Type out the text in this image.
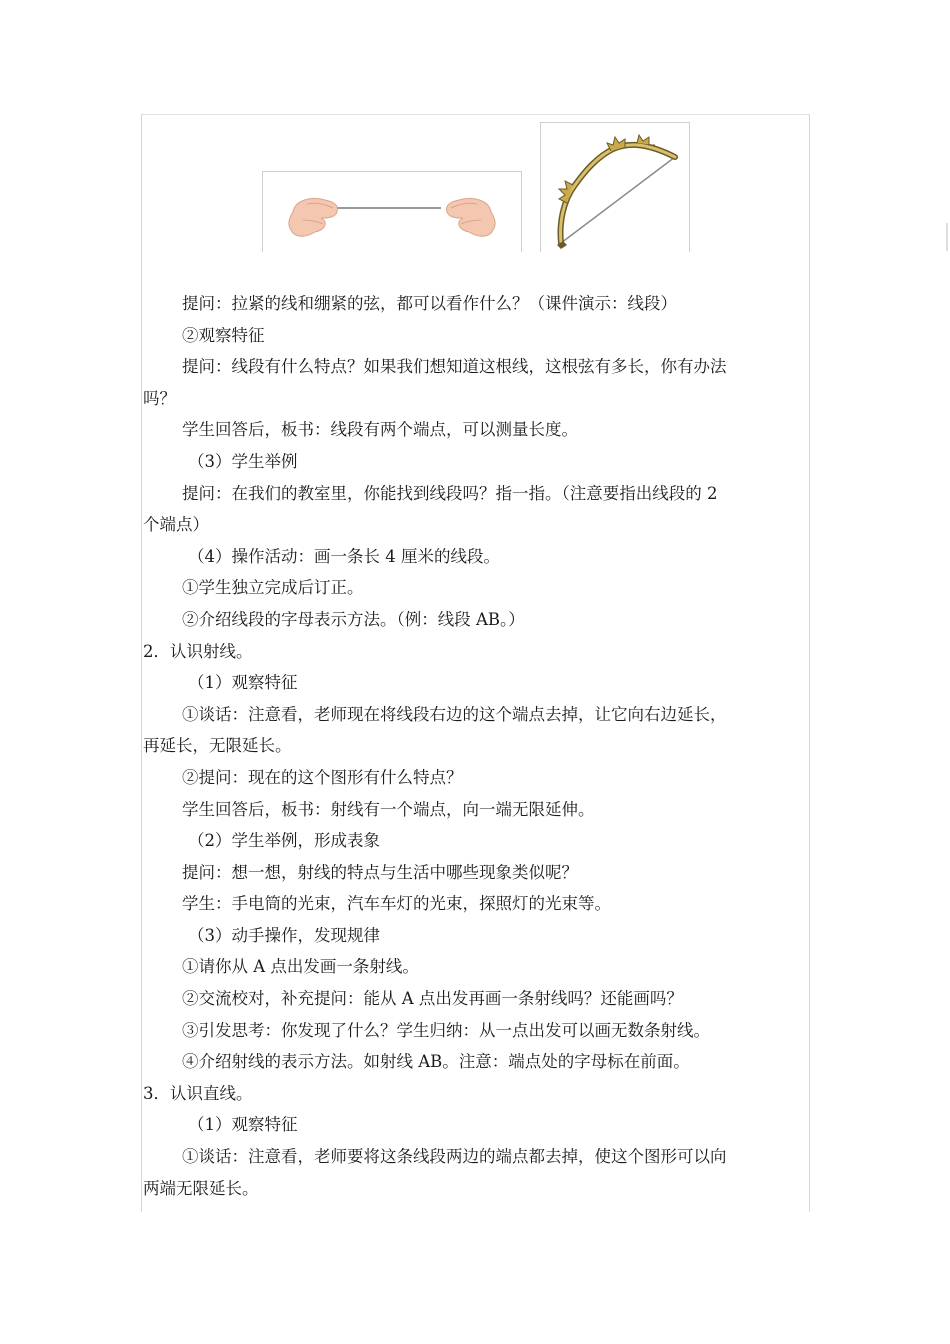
提问：拉紧的线和绷紧的弦，都可以看作什么？（课件演示：线段）
②观察特征
提问：线段有什么特点？如果我们想知道这根线，这根弦有多长，你有办法
吗？
学生回答后，板书：线段有两个端点，可以测量长度。
（3）学生举例
提问：在我们的教室里，你能找到线段吗？指一指。（注意要指出线段的 2
个端点）
（4）操作活动：画一条长 4 厘米的线段。
①学生独立完成后订正。
②介绍线段的字母表示方法。（例：线段 AB。）
2．认识射线。
（1）观察特征
①谈话：注意看，老师现在将线段右边的这个端点去掉，让它向右边延长，
再延长，无限延长。
②提问：现在的这个图形有什么特点？
学生回答后，板书：射线有一个端点，向一端无限延伸。
（2）学生举例，形成表象
提问：想一想，射线的特点与生活中哪些现象类似呢？
学生：手电筒的光束，汽车车灯的光束，探照灯的光束等。
（3）动手操作，发现规律
①请你从 A 点出发画一条射线。
②交流校对，补充提问：能从 A 点出发再画一条射线吗？还能画吗？
③引发思考：你发现了什么？学生归纳：从一点出发可以画无数条射线。
④介绍射线的表示方法。如射线 AB。注意：端点处的字母标在前面。
3．认识直线。
（1）观察特征
①谈话：注意看，老师要将这条线段两边的端点都去掉，使这个图形可以向
两端无限延长。
